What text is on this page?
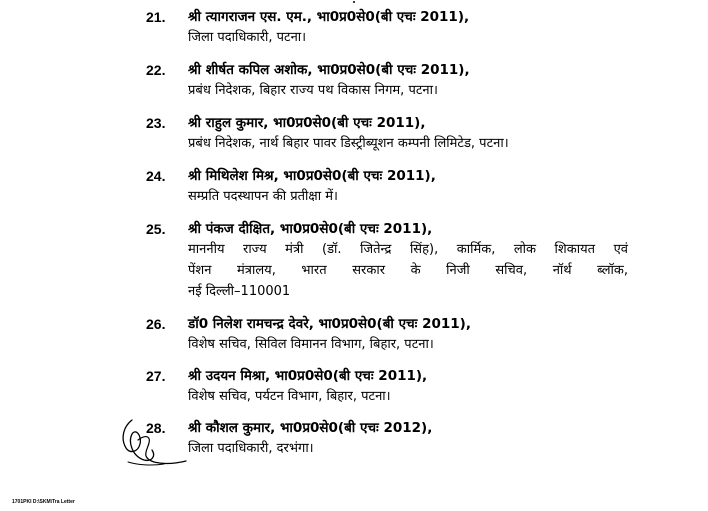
21. श्री त्यागराजन एस. एम., भा0प्र0से0(बी एचः 2011),
जिला पदाधिकारी, पटना।
22. श्री शीर्षत कपिल अशोक, भा0प्र0से0(बी एचः 2011),
प्रबंध निदेशक, बिहार राज्य पथ विकास निगम, पटना।
23. श्री राहुल कुमार, भा0प्र0से0(बी एचः 2011),
प्रबंध निदेशक, नार्थ बिहार पावर डिस्ट्रीब्यूशन कम्पनी लिमिटेड, पटना।
24. श्री मिथिलेश मिश्र, भा0प्र0से0(बी एचः 2011),
सम्प्रति पदस्थापन की प्रतीक्षा में।
25. श्री पंकज दीक्षित, भा0प्र0से0(बी एचः 2011),
माननीय राज्य मंत्री (डॉ. जितेन्द्र सिंह), कार्मिक, लोक शिकायत एवं
पेंशन मंत्रालय, भारत सरकार के निजी सचिव, नॉर्थ ब्लॉक,
नई दिल्ली–110001
26. डॉ0 निलेश रामचन्द्र देवरे, भा0प्र0से0(बी एचः 2011),
विशेष सचिव, सिविल विमानन विभाग, बिहार, पटना।
27. श्री उदयन मिश्रा, भा0प्र0से0(बी एचः 2011),
विशेष सचिव, पर्यटन विभाग, बिहार, पटना।
28. श्री कौशल कुमार, भा0प्र0से0(बी एचः 2012),
जिला पदाधिकारी, दरभंगा।
1701PKI D:\SKM\Tra Letter
